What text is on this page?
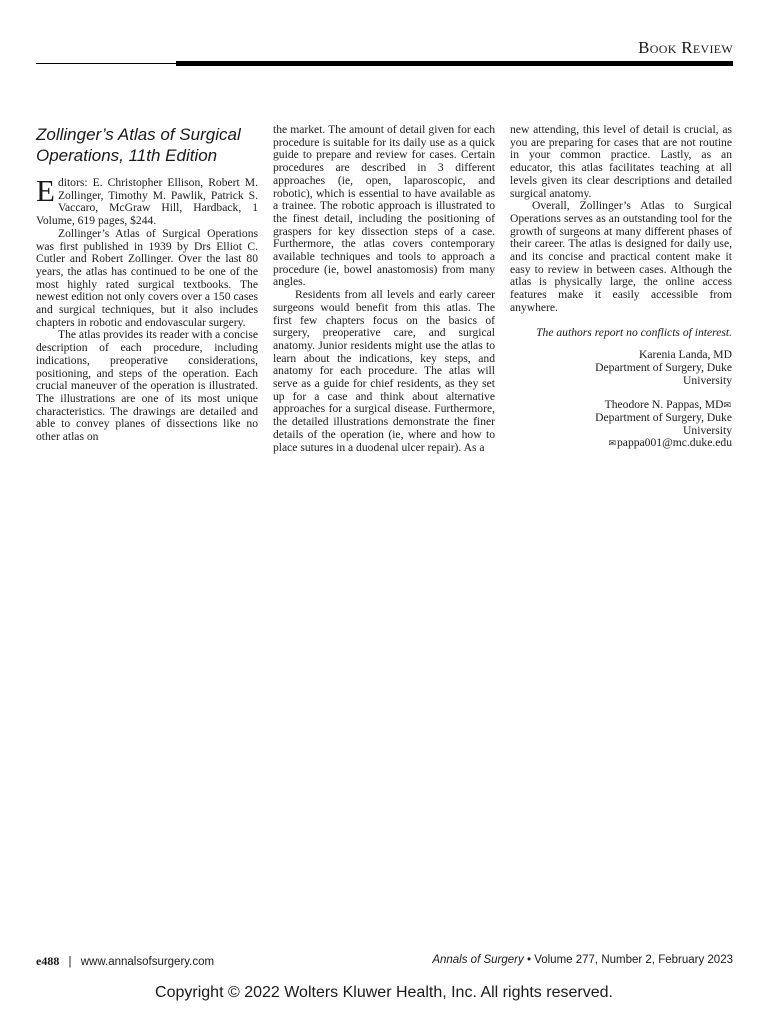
Book Review
Zollinger’s Atlas of Surgical
Operations, 11th Edition

Editors: E. Christopher Ellison, Robert M. Zollinger, Timothy M. Pawlik, Patrick S. Vaccaro, McGraw Hill, Hardback, 1 Volume, 619 pages, $244.

Zollinger’s Atlas of Surgical Operations was first published in 1939 by Drs Elliot C. Cutler and Robert Zollinger. Over the last 80 years, the atlas has continued to be one of the most highly rated surgical textbooks. The newest edition not only covers over a 150 cases and surgical techniques, but it also includes chapters in robotic and endovascular surgery.

The atlas provides its reader with a concise description of each procedure, including indications, preoperative considerations, positioning, and steps of the operation. Each crucial maneuver of the operation is illustrated. The illustrations are one of its most unique characteristics. The drawings are detailed and able to convey planes of dissections like no other atlas on

the market. The amount of detail given for each procedure is suitable for its daily use as a quick guide to prepare and review for cases. Certain procedures are described in 3 different approaches (ie, open, laparoscopic, and robotic), which is essential to have available as a trainee. The robotic approach is illustrated to the finest detail, including the positioning of graspers for key dissection steps of a case. Furthermore, the atlas covers contemporary available techniques and tools to approach a procedure (ie, bowel anastomosis) from many angles.

Residents from all levels and early career surgeons would benefit from this atlas. The first few chapters focus on the basics of surgery, preoperative care, and surgical anatomy. Junior residents might use the atlas to learn about the indications, key steps, and anatomy for each procedure. The atlas will serve as a guide for chief residents, as they set up for a case and think about alternative approaches for a surgical disease. Furthermore, the detailed illustrations demonstrate the finer details of the operation (ie, where and how to place sutures in a duodenal ulcer repair). As a

new attending, this level of detail is crucial, as you are preparing for cases that are not routine in your common practice. Lastly, as an educator, this atlas facilitates teaching at all levels given its clear descriptions and detailed surgical anatomy.

Overall, Zollinger’s Atlas to Surgical Operations serves as an outstanding tool for the growth of surgeons at many different phases of their career. The atlas is designed for daily use, and its concise and practical content make it easy to review in between cases. Although the atlas is physically large, the online access features make it easily accessible from anywhere.

The authors report no conflicts of interest.

Karenia Landa, MD

Department of Surgery, Duke

University

Theodore N. Pappas, MD✉

Department of Surgery, Duke

University

✉pappa001@mc.duke.edu

e488 | www.annalsofsurgery.com	Annals of Surgery • Volume 277, Number 2, February 2023
Copyright © 2022 Wolters Kluwer Health, Inc. All rights reserved.
